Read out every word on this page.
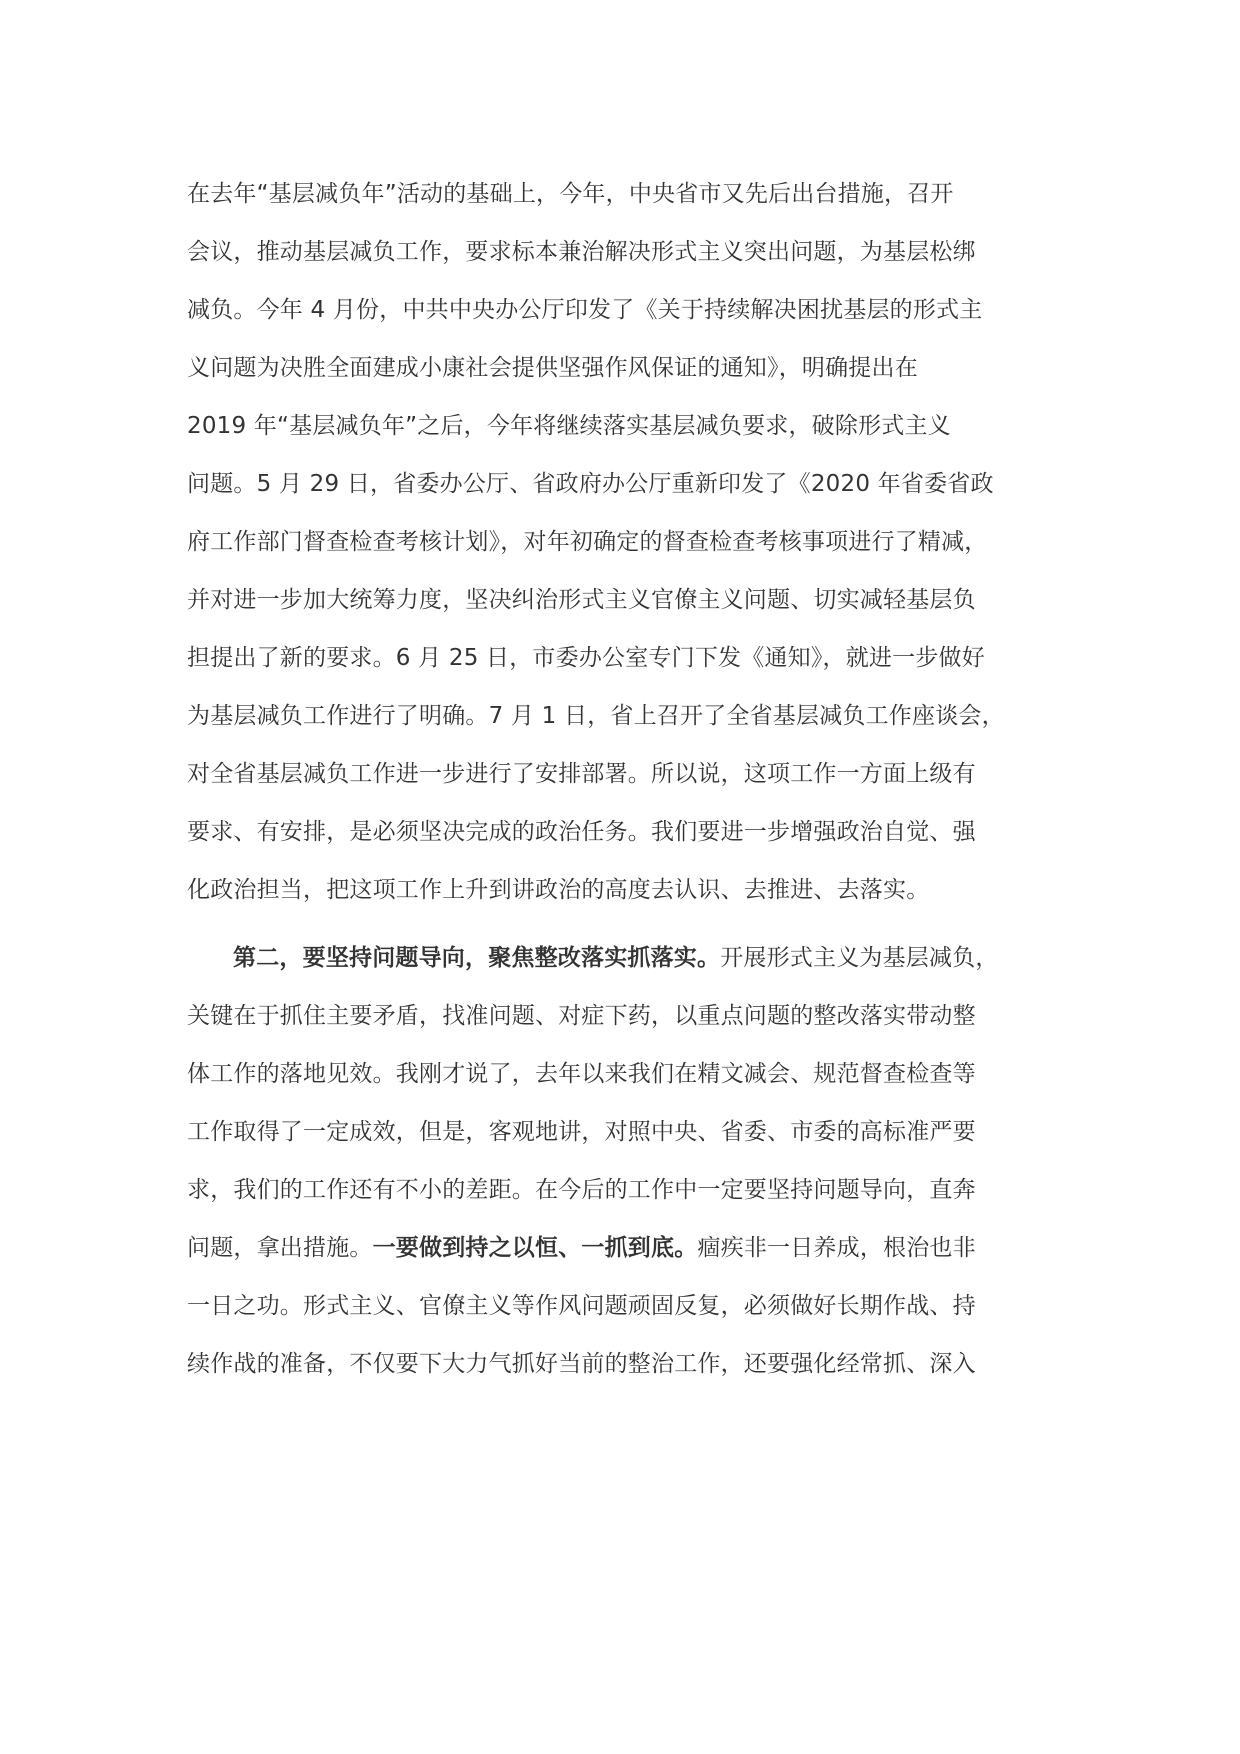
在去年“基层减负年”活动的基础上，今年，中央省市又先后出台措施，召开
会议，推动基层减负工作，要求标本兼治解决形式主义突出问题，为基层松绑
减负。今年 4 月份，中共中央办公厅印发了《关于持续解决困扰基层的形式主
义问题为决胜全面建成小康社会提供坚强作风保证的通知》，明确提出在
2019 年“基层减负年”之后，今年将继续落实基层减负要求，破除形式主义
问题。5 月 29 日，省委办公厅、省政府办公厅重新印发了《2020 年省委省政
府工作部门督查检查考核计划》，对年初确定的督查检查考核事项进行了精减，
并对进一步加大统筹力度，坚决纠治形式主义官僚主义问题、切实减轻基层负
担提出了新的要求。6 月 25 日，市委办公室专门下发《通知》，就进一步做好
为基层减负工作进行了明确。7 月 1 日，省上召开了全省基层减负工作座谈会，
对全省基层减负工作进一步进行了安排部署。所以说，这项工作一方面上级有
要求、有安排，是必须坚决完成的政治任务。我们要进一步增强政治自觉、强
化政治担当，把这项工作上升到讲政治的高度去认识、去推进、去落实。
第二，要坚持问题导向，聚焦整改落实抓落实。开展形式主义为基层减负，
关键在于抓住主要矛盾，找准问题、对症下药，以重点问题的整改落实带动整
体工作的落地见效。我刚才说了，去年以来我们在精文减会、规范督查检查等
工作取得了一定成效，但是，客观地讲，对照中央、省委、市委的高标准严要
求，我们的工作还有不小的差距。在今后的工作中一定要坚持问题导向，直奔
问题，拿出措施。一要做到持之以恒、一抓到底。痼疾非一日养成，根治也非
一日之功。形式主义、官僚主义等作风问题顽固反复，必须做好长期作战、持
续作战的准备，不仅要下大力气抓好当前的整治工作，还要强化经常抓、深入
